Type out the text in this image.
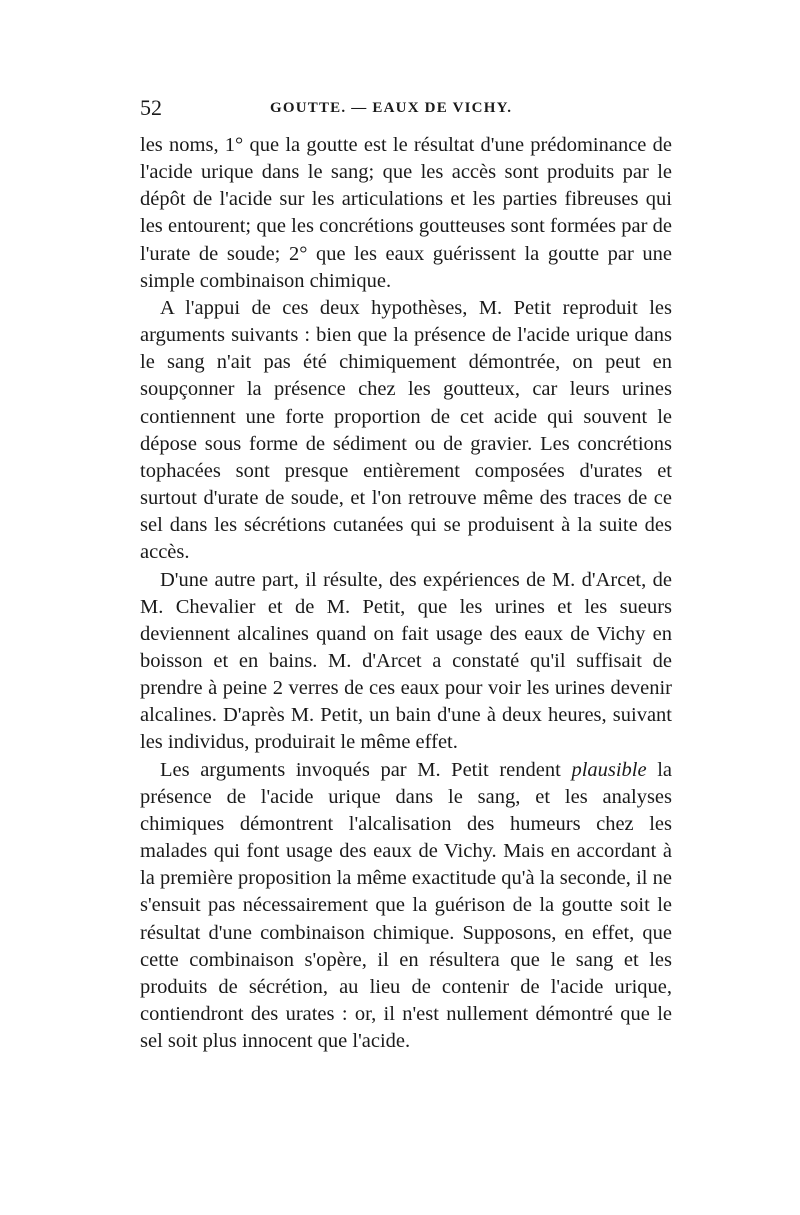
52	GOUTTE. — EAUX DE VICHY.

les noms, 1° que la goutte est le résultat d'une prédominance de l'acide urique dans le sang; que les accès sont produits par le dépôt de l'acide sur les articulations et les parties fibreuses qui les entourent; que les concrétions goutteuses sont formées par de l'urate de soude; 2° que les eaux guérissent la goutte par une simple combinaison chimique.

A l'appui de ces deux hypothèses, M. Petit reproduit les arguments suivants : bien que la présence de l'acide urique dans le sang n'ait pas été chimiquement démontrée, on peut en soupçonner la présence chez les goutteux, car leurs urines contiennent une forte proportion de cet acide qui souvent le dépose sous forme de sédiment ou de gravier. Les concrétions tophacées sont presque entièrement composées d'urates et surtout d'urate de soude, et l'on retrouve même des traces de ce sel dans les sécrétions cutanées qui se produisent à la suite des accès.

D'une autre part, il résulte, des expériences de M. d'Arcet, de M. Chevalier et de M. Petit, que les urines et les sueurs deviennent alcalines quand on fait usage des eaux de Vichy en boisson et en bains. M. d'Arcet a constaté qu'il suffisait de prendre à peine 2 verres de ces eaux pour voir les urines devenir alcalines. D'après M. Petit, un bain d'une à deux heures, suivant les individus, produirait le même effet.

Les arguments invoqués par M. Petit rendent plausible la présence de l'acide urique dans le sang, et les analyses chimiques démontrent l'alcalisation des humeurs chez les malades qui font usage des eaux de Vichy. Mais en accordant à la première proposition la même exactitude qu'à la seconde, il ne s'ensuit pas nécessairement que la guérison de la goutte soit le résultat d'une combinaison chimique. Supposons, en effet, que cette combinaison s'opère, il en résultera que le sang et les produits de sécrétion, au lieu de contenir de l'acide urique, contiendront des urates : or, il n'est nullement démontré que le sel soit plus innocent que l'acide.
